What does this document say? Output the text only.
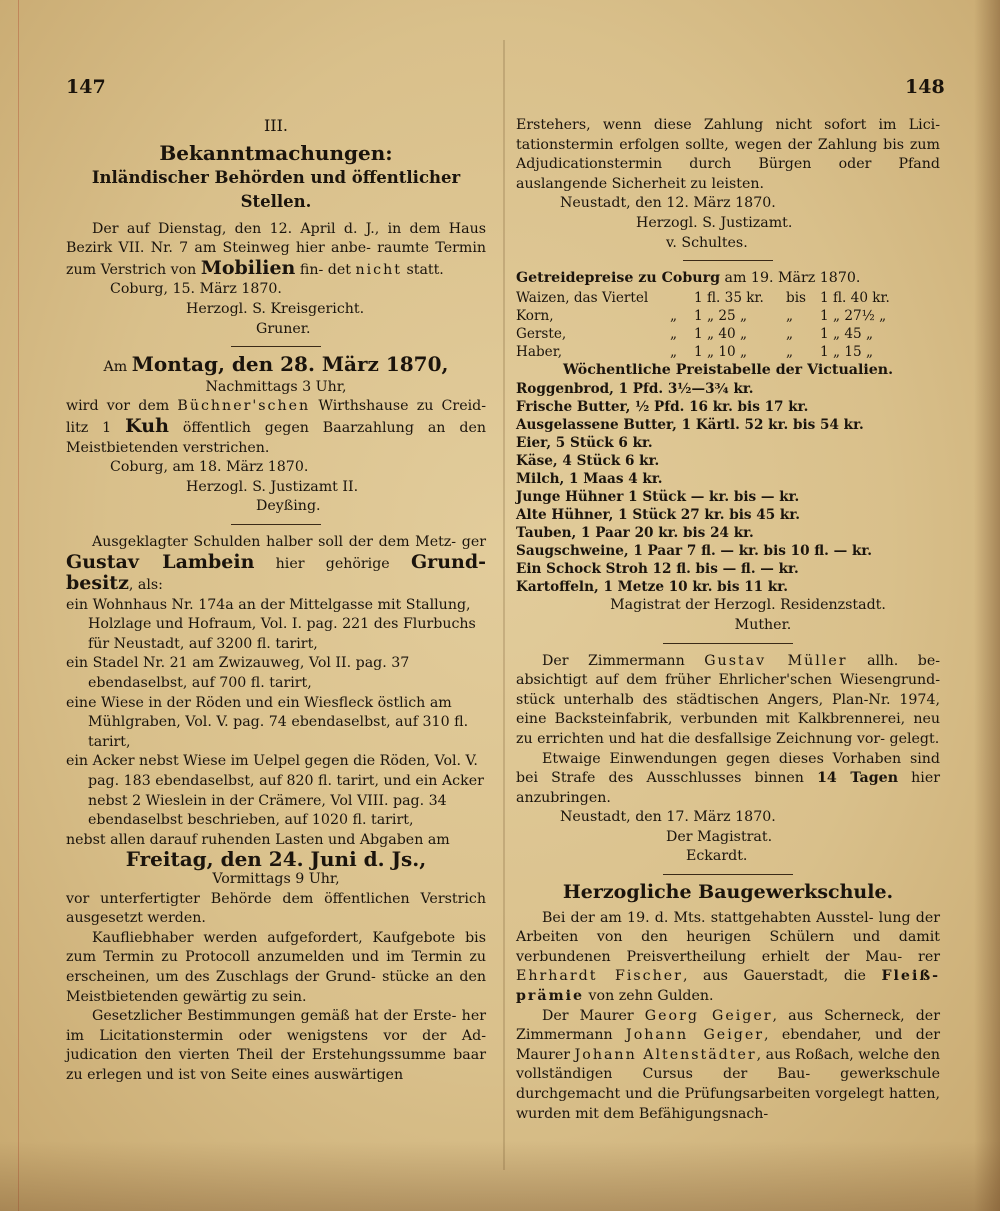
147	148
III.
Bekanntmachungen:
Inländischer Behörden und öffentlicher Stellen.

Der auf Dienstag, den 12. April d. J., in dem Haus Bezirk VII. Nr. 7 am Steinweg hier anbe- raumte Termin zum Verstrich von Mobilien fin- det nicht statt.

Coburg, 15. März 1870.

Herzogl. S. Kreisgericht.

Gruner.

Am Montag, den 28. März 1870,

Nachmittags 3 Uhr,

wird vor dem Büchner'schen Wirthshause zu Creid- litz 1 Kuh öffentlich gegen Baarzahlung an den Meistbietenden verstrichen.

Coburg, am 18. März 1870.

Herzogl. S. Justizamt II.

Deyßing.

Ausgeklagter Schulden halber soll der dem Metz- ger Gustav Lambein hier gehörige Grund- besitz, als:

ein Wohnhaus Nr. 174a an der Mittelgasse mit Stallung, Holzlage und Hofraum, Vol. I. pag. 221 des Flurbuchs für Neustadt, auf 3200 fl. tarirt,

ein Stadel Nr. 21 am Zwizauweg, Vol II. pag. 37 ebendaselbst, auf 700 fl. tarirt,

eine Wiese in der Röden und ein Wiesfleck östlich am Mühlgraben, Vol. V. pag. 74 ebendaselbst, auf 310 fl. tarirt,

ein Acker nebst Wiese im Uelpel gegen die Röden, Vol. V. pag. 183 ebendaselbst, auf 820 fl. tarirt, und ein Acker nebst 2 Wieslein in der Crämere, Vol VIII. pag. 34 ebendaselbst beschrieben, auf 1020 fl. tarirt,

nebst allen darauf ruhenden Lasten und Abgaben am

Freitag, den 24. Juni d. Js.,

Vormittags 9 Uhr,

vor unterfertigter Behörde dem öffentlichen Verstrich ausgesetzt werden.

Kaufliebhaber werden aufgefordert, Kaufgebote bis zum Termin zu Protocoll anzumelden und im Termin zu erscheinen, um des Zuschlags der Grund- stücke an den Meistbietenden gewärtig zu sein.

Gesetzlicher Bestimmungen gemäß hat der Erste- her im Licitationstermin oder wenigstens vor der Ad- judication den vierten Theil der Erstehungssumme baar zu erlegen und ist von Seite eines auswärtigen

Erstehers, wenn diese Zahlung nicht sofort im Lici- tationstermin erfolgen sollte, wegen der Zahlung bis zum Adjudicationstermin durch Bürgen oder Pfand auslangende Sicherheit zu leisten.

Neustadt, den 12. März 1870.

Herzogl. S. Justizamt.

v. Schultes.

Getreidepreise zu Coburg am 19. März 1870.

Waizen, das Viertel		1 fl. 35 kr.	bis	1 fl. 40 kr.
Korn,	„	1 „ 25 „	„	1 „ 27½ „
Gerste,	„	1 „ 40 „	„	1 „ 45 „
Haber,	„	1 „ 10 „	„	1 „ 15 „

Wöchentliche Preistabelle der Victualien.

Roggenbrod, 1 Pfd. 3½—3¾ kr.
Frische Butter, ½ Pfd. 16 kr. bis 17 kr.
Ausgelassene Butter, 1 Kärtl. 52 kr. bis 54 kr.
Eier, 5 Stück 6 kr.
Käse, 4 Stück 6 kr.
Milch, 1 Maas 4 kr.
Junge Hühner 1 Stück — kr. bis — kr.
Alte Hühner, 1 Stück 27 kr. bis 45 kr.
Tauben, 1 Paar 20 kr. bis 24 kr.
Saugschweine, 1 Paar 7 fl. — kr. bis 10 fl. — kr.
Ein Schock Stroh 12 fl. bis — fl. — kr.
Kartoffeln, 1 Metze 10 kr. bis 11 kr.

Magistrat der Herzogl. Residenzstadt.

Muther.

Der Zimmermann Gustav Müller allh. be- absichtigt auf dem früher Ehrlicher'schen Wiesengrund- stück unterhalb des städtischen Angers, Plan-Nr. 1974, eine Backsteinfabrik, verbunden mit Kalkbrennerei, neu zu errichten und hat die desfallsige Zeichnung vor- gelegt.

Etwaige Einwendungen gegen dieses Vorhaben sind bei Strafe des Ausschlusses binnen 14 Tagen hier anzubringen.

Neustadt, den 17. März 1870.

Der Magistrat.

Eckardt.

Herzogliche Baugewerkschule.

Bei der am 19. d. Mts. stattgehabten Ausstel- lung der Arbeiten von den heurigen Schülern und damit verbundenen Preisvertheilung erhielt der Mau- rer Ehrhardt Fischer, aus Gauerstadt, die Fleiß- prämie von zehn Gulden.

Der Maurer Georg Geiger, aus Scherneck, der Zimmermann Johann Geiger, ebendaher, und der Maurer Johann Altenstädter, aus Roßach, welche den vollständigen Cursus der Bau- gewerkschule durchgemacht und die Prüfungsarbeiten vorgelegt hatten, wurden mit dem Befähigungsnach-
